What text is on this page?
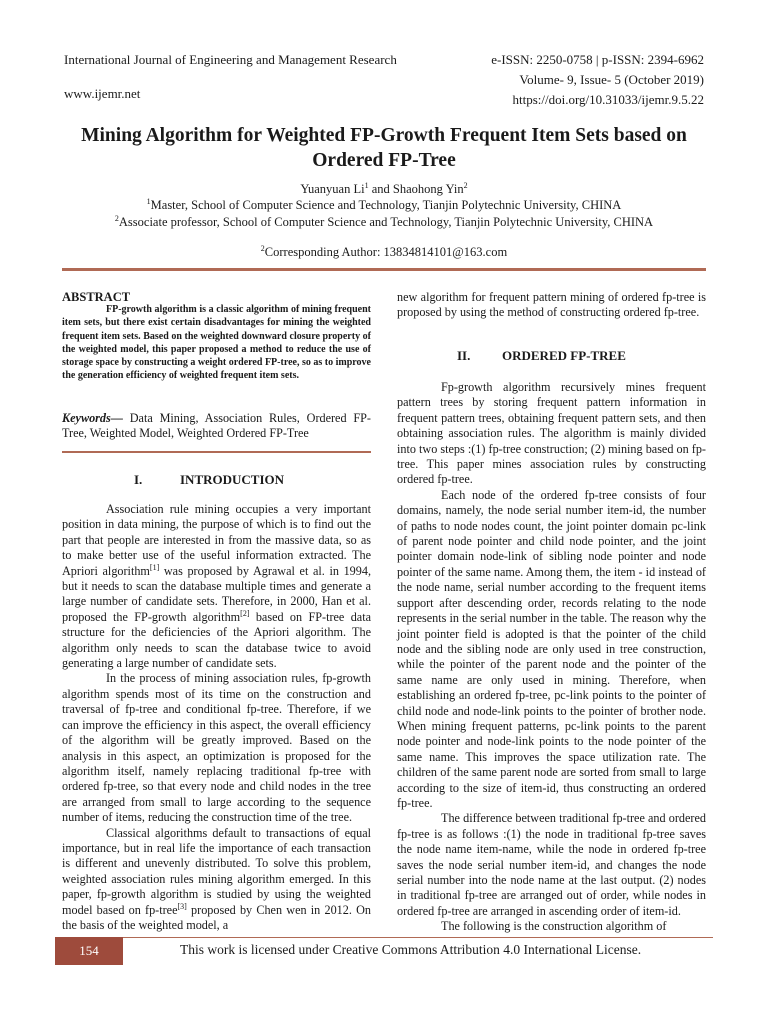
International Journal of Engineering and Management Research
www.ijemr.net
e-ISSN: 2250-0758 | p-ISSN: 2394-6962
Volume- 9, Issue- 5 (October 2019)
https://doi.org/10.31033/ijemr.9.5.22
Mining Algorithm for Weighted FP-Growth Frequent Item Sets based on
Ordered FP-Tree
Yuanyuan Li$^1$ and Shaohong Yin$^2$
$^1$Master, School of Computer Science and Technology, Tianjin Polytechnic University, CHINA
$^2$Associate professor, School of Computer Science and Technology, Tianjin Polytechnic University, CHINA
$^2$Corresponding Author: 13834814101@163.com
ABSTRACT

FP-growth algorithm is a classic algorithm of mining frequent item sets, but there exist certain disadvantages for mining the weighted frequent item sets. Based on the weighted downward closure property of the weighted model, this paper proposed a method to reduce the use of storage space by constructing a weight ordered FP-tree, so as to improve the generation efficiency of weighted frequent item sets.

Keywords— Data Mining, Association Rules, Ordered FP-Tree, Weighted Model, Weighted Ordered FP-Tree
I.	INTRODUCTION

Association rule mining occupies a very important position in data mining, the purpose of which is to find out the part that people are interested in from the massive data, so as to make better use of the useful information extracted. The Apriori algorithm[1] was proposed by Agrawal et al. in 1994, but it needs to scan the database multiple times and generate a large number of candidate sets. Therefore, in 2000, Han et al. proposed the FP-growth algorithm[2] based on FP-tree data structure for the deficiencies of the Apriori algorithm. The algorithm only needs to scan the database twice to avoid generating a large number of candidate sets.

In the process of mining association rules, fp-growth algorithm spends most of its time on the construction and traversal of fp-tree and conditional fp-tree. Therefore, if we can improve the efficiency in this aspect, the overall efficiency of the algorithm will be greatly improved. Based on the analysis in this aspect, an optimization is proposed for the algorithm itself, namely replacing traditional fp-tree with ordered fp-tree, so that every node and child nodes in the tree are arranged from small to large according to the sequence number of items, reducing the construction time of the tree.

Classical algorithms default to transactions of equal importance, but in real life the importance of each transaction is different and unevenly distributed. To solve this problem, weighted association rules mining algorithm emerged. In this paper, fp-growth algorithm is studied by using the weighted model based on fp-tree[3] proposed by Chen wen in 2012. On the basis of the weighted model, a

new algorithm for frequent pattern mining of ordered fp-tree is proposed by using the method of constructing ordered fp-tree.

II. ORDERED FP-TREE

Fp-growth algorithm recursively mines frequent pattern trees by storing frequent pattern information in frequent pattern trees, obtaining frequent pattern sets, and then obtaining association rules. The algorithm is mainly divided into two steps :(1) fp-tree construction; (2) mining based on fp-tree. This paper mines association rules by constructing ordered fp-tree.

Each node of the ordered fp-tree consists of four domains, namely, the node serial number item-id, the number of paths to node nodes count, the joint pointer domain pc-link of parent node pointer and child node pointer, and the joint pointer domain node-link of sibling node pointer and node pointer of the same name. Among them, the item - id instead of the node name, serial number according to the frequent items support after descending order, records relating to the node represents in the serial number in the table. The reason why the joint pointer field is adopted is that the pointer of the child node and the sibling node are only used in tree construction, while the pointer of the parent node and the pointer of the same name are only used in mining. Therefore, when establishing an ordered fp-tree, pc-link points to the pointer of child node and node-link points to the pointer of brother node. When mining frequent patterns, pc-link points to the parent node pointer and node-link points to the node pointer of the same name. This improves the space utilization rate. The children of the same parent node are sorted from small to large according to the size of item-id, thus constructing an ordered fp-tree.

The difference between traditional fp-tree and ordered fp-tree is as follows :(1) the node in traditional fp-tree saves the node name item-name, while the node in ordered fp-tree saves the node serial number item-id, and changes the node serial number into the node name at the last output. (2) nodes in traditional fp-tree are arranged out of order, while nodes in ordered fp-tree are arranged in ascending order of item-id.

The following is the construction algorithm of

154	This work is licensed under Creative Commons Attribution 4.0 International License.
